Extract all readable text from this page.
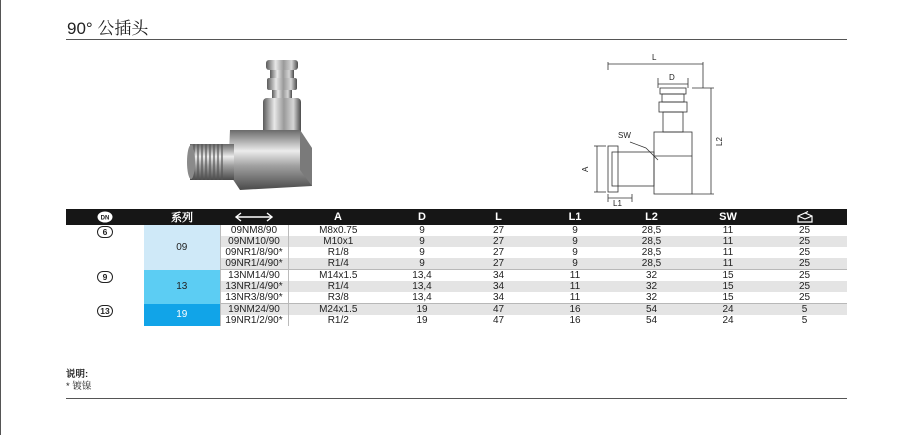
90° 公插头
L
D
SW
A
L1
L2
DN	系列		A	D	L	L1	L2	SW	
6	09	09NM8/90	M8x0.75	9	27	9	28,5	11	25
		09NM10/90	M10x1	9	27	9	28,5	11	25
		09NR1/8/90*	R1/8	9	27	9	28,5	11	25
		09NR1/4/90*	R1/4	9	27	9	28,5	11	25
9	13	13NM14/90	M14x1.5	13,4	34	11	32	15	25
		13NR1/4/90*	R1/4	13,4	34	11	32	15	25
		13NR3/8/90*	R3/8	13,4	34	11	32	15	25
13	19	19NM24/90	M24x1.5	19	47	16	54	24	5
		19NR1/2/90*	R1/2	19	47	16	54	24	5
说明:
* 镀镍
